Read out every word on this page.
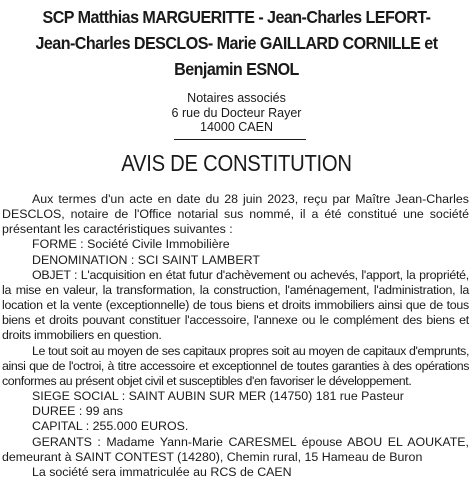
SCP Matthias MARGUERITTE - Jean-Charles LEFORT-
Jean-Charles DESCLOS- Marie GAILLARD CORNILLE et
Benjamin ESNOL
Notaires associés
6 rue du Docteur Rayer
14000 CAEN
AVIS DE CONSTITUTION

Aux termes d'un acte en date du 28 juin 2023, reçu par Maître Jean-Charles DESCLOS, notaire de l'Office notarial sus nommé, il a été constitué une société présentant les caractéristiques suivantes :

FORME : Société Civile Immobilière

DENOMINATION : SCI SAINT LAMBERT

OBJET : L'acquisition en état futur d'achèvement ou achevés, l'apport, la propriété, la mise en valeur, la transformation, la construction, l'aménagement, l'administration, la location et la vente (exceptionnelle) de tous biens et droits immobiliers ainsi que de tous biens et droits pouvant constituer l'accessoire, l'annexe ou le complément des biens et droits immobiliers en question.

Le tout soit au moyen de ses capitaux propres soit au moyen de capitaux d'emprunts, ainsi que de l'octroi, à titre accessoire et exceptionnel de toutes garanties à des opérations conformes au présent objet civil et susceptibles d'en favoriser le développement.

SIEGE SOCIAL : SAINT AUBIN SUR MER (14750) 181 rue Pasteur

DUREE : 99 ans

CAPITAL : 255.000 EUROS.

GERANTS : Madame Yann-Marie CARESMEL épouse ABOU EL AOUKATE, demeurant à SAINT CONTEST (14280), Chemin rural, 15 Hameau de Buron

La société sera immatriculée au RCS de CAEN
